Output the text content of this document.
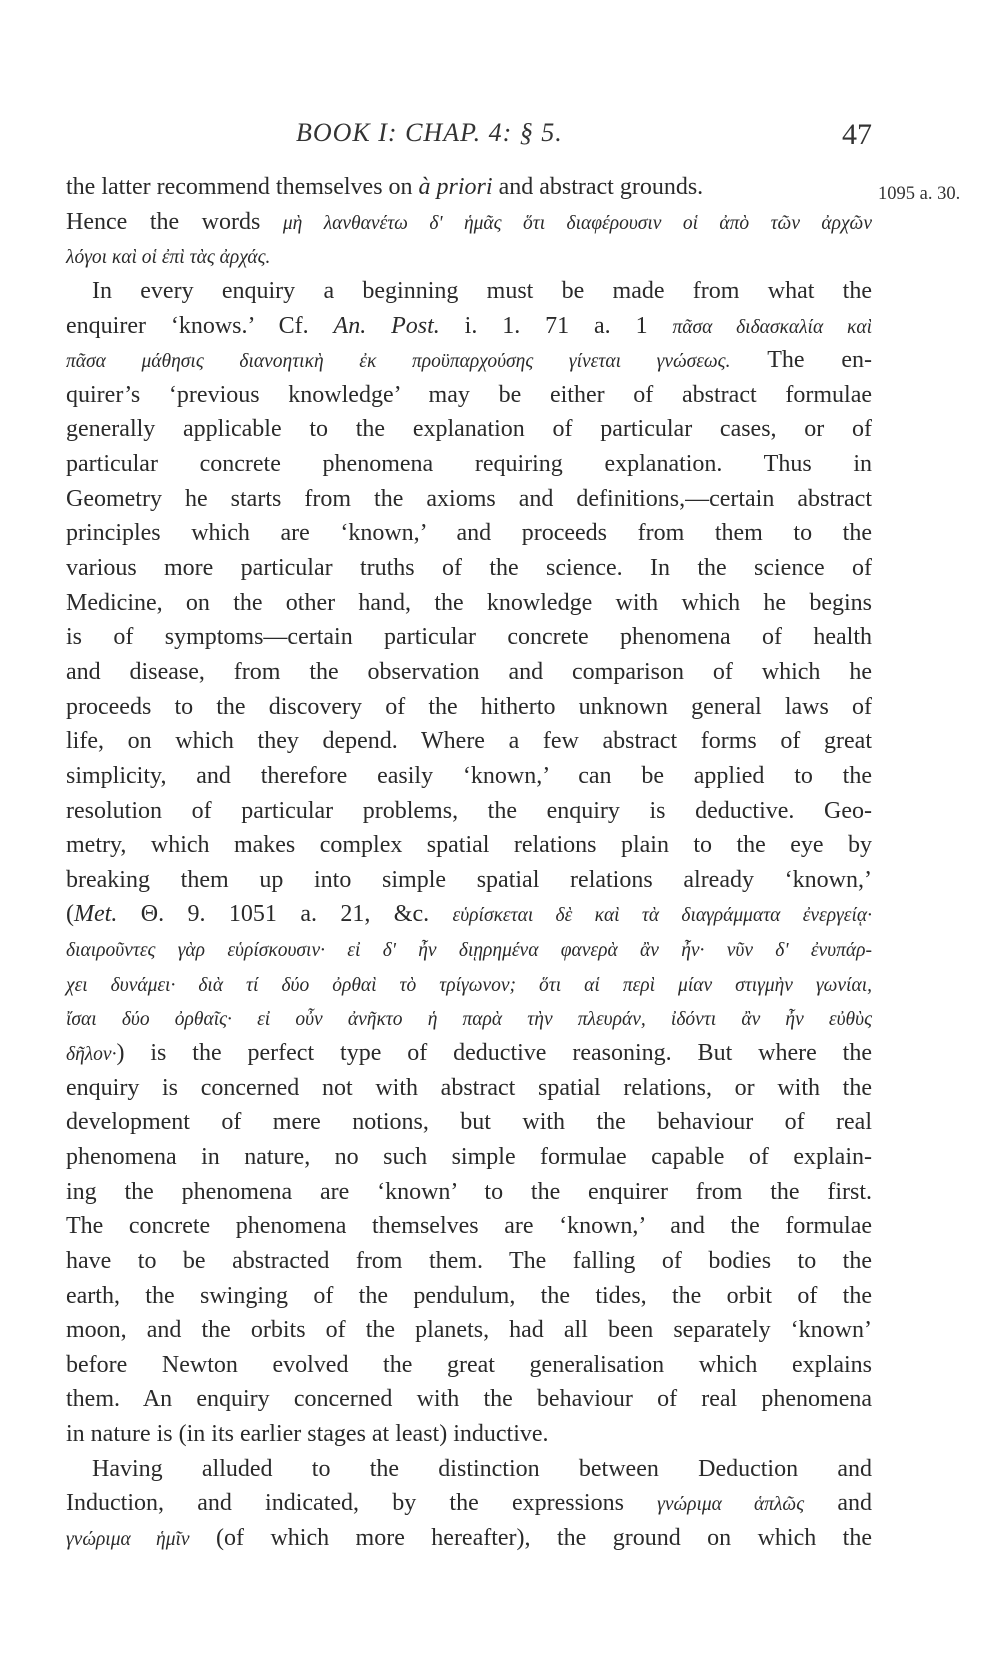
BOOK I: CHAP. 4: § 5.	47
1095 a. 30.
the latter recommend themselves on à priori and abstract grounds.
Hence the words μὴ λανθανέτω δ' ἡμᾶς ὅτι διαφέρουσιν οἱ ἀπὸ τῶν ἀρχῶν
λόγοι καὶ οἱ ἐπὶ τὰς ἀρχάς.
In every enquiry a beginning must be made from what the
enquirer ‘knows.’ Cf. An. Post. i. 1. 71 a. 1 πᾶσα διδασκαλία καὶ
πᾶσα μάθησις διανοητικὴ ἐκ προϋπαρχούσης γίνεται γνώσεως. The en-
quirer’s ‘previous knowledge’ may be either of abstract formulae
generally applicable to the explanation of particular cases, or of
particular concrete phenomena requiring explanation. Thus in
Geometry he starts from the axioms and definitions,—certain abstract
principles which are ‘known,’ and proceeds from them to the
various more particular truths of the science. In the science of
Medicine, on the other hand, the knowledge with which he begins
is of symptoms—certain particular concrete phenomena of health
and disease, from the observation and comparison of which he
proceeds to the discovery of the hitherto unknown general laws of
life, on which they depend. Where a few abstract forms of great
simplicity, and therefore easily ‘known,’ can be applied to the
resolution of particular problems, the enquiry is deductive. Geo-
metry, which makes complex spatial relations plain to the eye by
breaking them up into simple spatial relations already ‘known,’
(Met. Θ. 9. 1051 a. 21, &c. εὑρίσκεται δὲ καὶ τὰ διαγράμματα ἐνεργείᾳ·
διαιροῦντες γὰρ εὑρίσκουσιν· εἰ δ' ἦν διῃρημένα φανερὰ ἂν ἦν· νῦν δ' ἐνυπάρ-
χει δυνάμει· διὰ τί δύο ὀρθαὶ τὸ τρίγωνον; ὅτι αἱ περὶ μίαν στιγμὴν γωνίαι,
ἴσαι δύο ὀρθαῖς· εἰ οὖν ἀνῆκτο ἡ παρὰ τὴν πλευράν, ἰδόντι ἂν ἦν εὐθὺς
δῆλον·) is the perfect type of deductive reasoning. But where the
enquiry is concerned not with abstract spatial relations, or with the
development of mere notions, but with the behaviour of real
phenomena in nature, no such simple formulae capable of explain-
ing the phenomena are ‘known’ to the enquirer from the first.
The concrete phenomena themselves are ‘known,’ and the formulae
have to be abstracted from them. The falling of bodies to the
earth, the swinging of the pendulum, the tides, the orbit of the
moon, and the orbits of the planets, had all been separately ‘known’
before Newton evolved the great generalisation which explains
them. An enquiry concerned with the behaviour of real phenomena
in nature is (in its earlier stages at least) inductive.
Having alluded to the distinction between Deduction and
Induction, and indicated, by the expressions γνώριμα ἁπλῶς and
γνώριμα ἡμῖν (of which more hereafter), the ground on which the
